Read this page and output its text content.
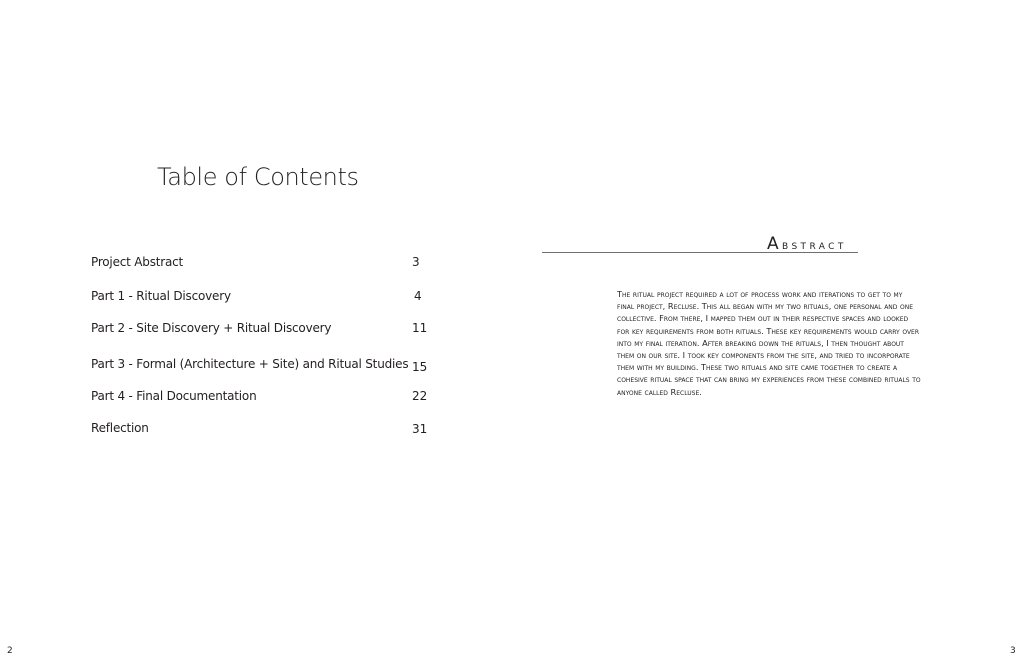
Table of Contents
Project Abstract	3
Part 1 - Ritual Discovery	4
Part 2 - Site Discovery + Ritual Discovery	11
Part 3 - Formal (Architecture + Site) and Ritual Studies 15
Part 4 - Final Documentation	22
Reflection	31
2
Abstract
The ritual project required a lot of process work and iterations to get to my final project, Recluse. This all began with my two rituals, one personal and one collective. From there, I mapped them out in their respective spaces and looked for key requirements from both rituals. These key requirements would carry over into my final iteration. After breaking down the rituals, I then thought about them on our site. I took key components from the site, and tried to incorporate them with my building. These two rituals and site came together to create a cohesive ritual space that can bring my experiences from these combined rituals to anyone called Recluse.
3
